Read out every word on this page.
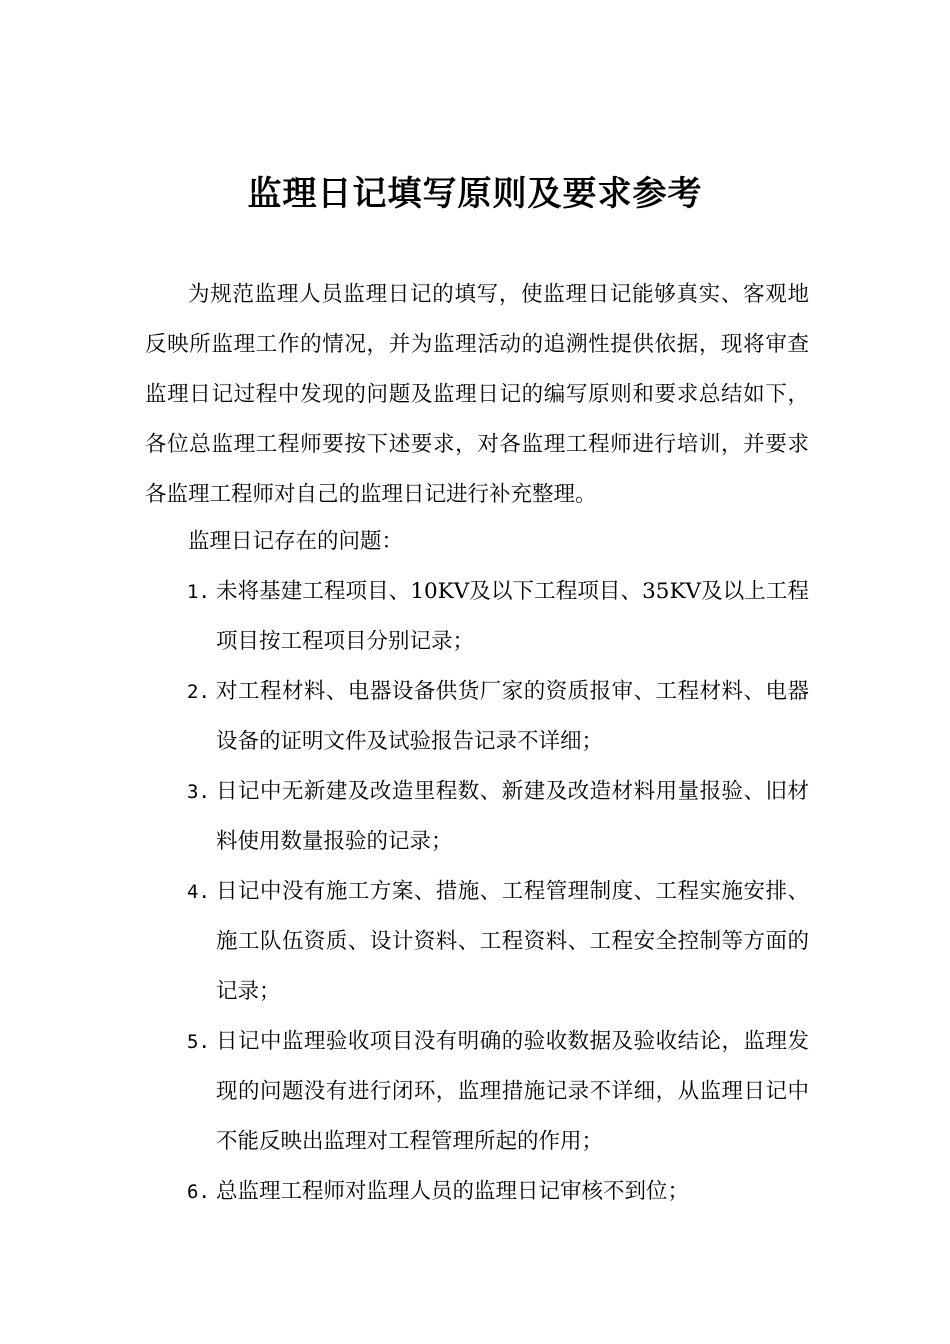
监理日记填写原则及要求参考

为规范监理人员监理日记的填写，使监理日记能够真实、客观地反映所监理工作的情况，并为监理活动的追溯性提供依据，现将审查监理日记过程中发现的问题及监理日记的编写原则和要求总结如下，各位总监理工程师要按下述要求，对各监理工程师进行培训，并要求各监理工程师对自己的监理日记进行补充整理。

监理日记存在的问题：

1. 未将基建工程项目、10KV及以下工程项目、35KV及以上工程项目按工程项目分别记录；
2. 对工程材料、电器设备供货厂家的资质报审、工程材料、电器设备的证明文件及试验报告记录不详细；
3. 日记中无新建及改造里程数、新建及改造材料用量报验、旧材料使用数量报验的记录；
4. 日记中没有施工方案、措施、工程管理制度、工程实施安排、施工队伍资质、设计资料、工程资料、工程安全控制等方面的记录；
5. 日记中监理验收项目没有明确的验收数据及验收结论，监理发现的问题没有进行闭环，监理措施记录不详细，从监理日记中不能反映出监理对工程管理所起的作用；
6. 总监理工程师对监理人员的监理日记审核不到位；
